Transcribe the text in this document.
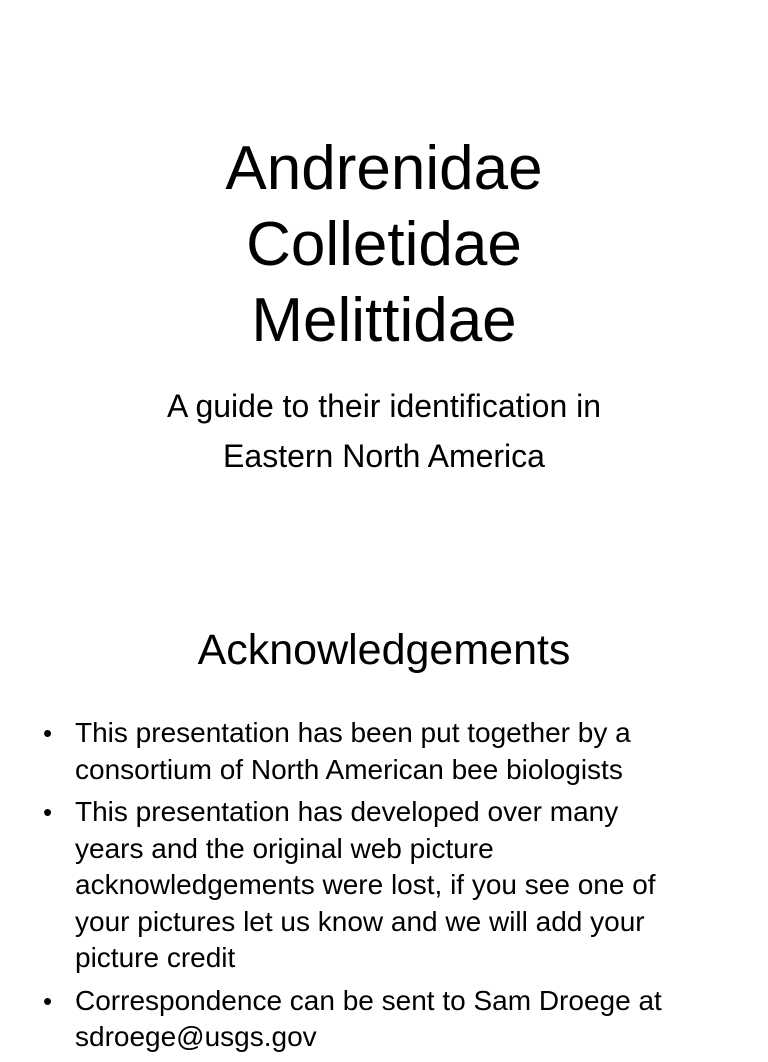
Andrenidae
Colletidae
Melittidae
A guide to their identification in
Eastern North America
Acknowledgements
• This presentation has been put together by a
consortium of North American bee biologists
• This presentation has developed over many
years and the original web picture
acknowledgements were lost, if you see one of
your pictures let us know and we will add your
picture credit
• Correspondence can be sent to Sam Droege at
sdroege@usgs.gov
